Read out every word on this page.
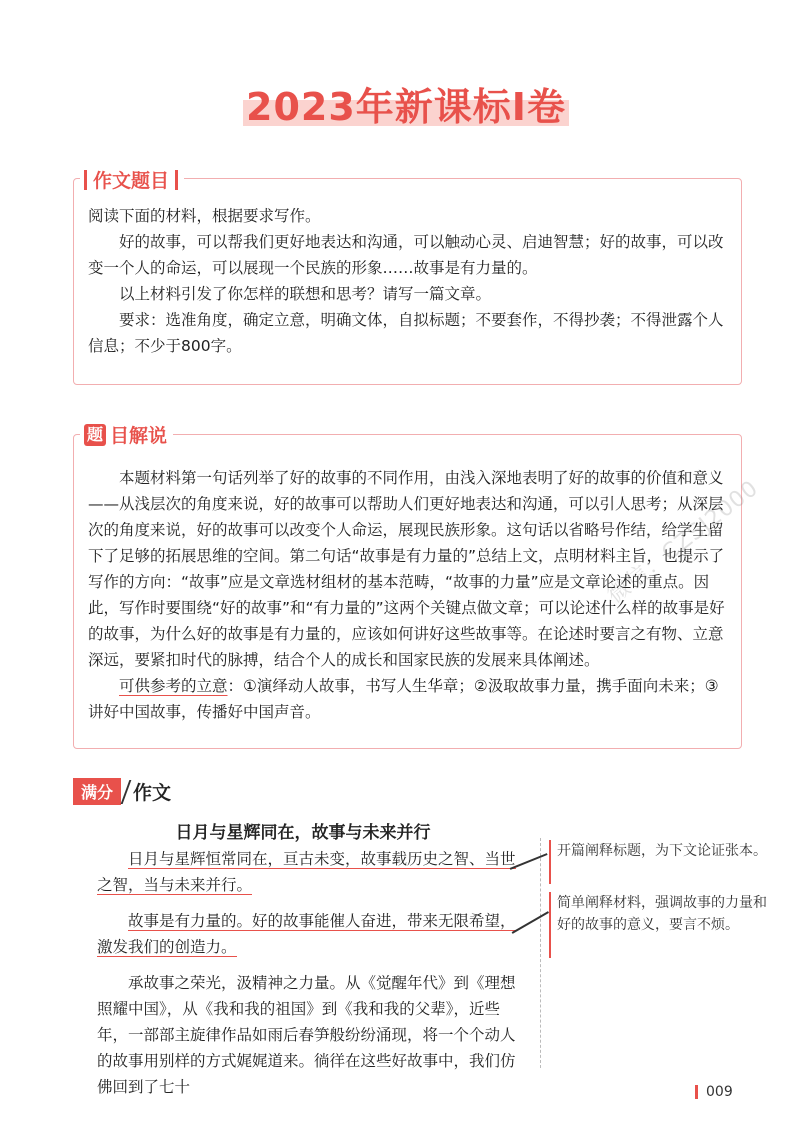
2023年新课标Ⅰ卷
作文题目

阅读下面的材料，根据要求写作。

好的故事，可以帮我们更好地表达和沟通，可以触动心灵、启迪智慧；好的故事，可以改变一个人的命运，可以展现一个民族的形象……故事是有力量的。

以上材料引发了你怎样的联想和思考？请写一篇文章。

要求：选准角度，确定立意，明确文体，自拟标题；不要套作，不得抄袭；不得泄露个人信息；不少于800字。

题 目解说

本题材料第一句话列举了好的故事的不同作用，由浅入深地表明了好的故事的价值和意义——从浅层次的角度来说，好的故事可以帮助人们更好地表达和沟通，可以引人思考；从深层次的角度来说，好的故事可以改变个人命运，展现民族形象。这句话以省略号作结，给学生留下了足够的拓展思维的空间。第二句话“故事是有力量的”总结上文，点明材料主旨，也提示了写作的方向：“故事”应是文章选材组材的基本范畴，“故事的力量”应是文章论述的重点。因此，写作时要围绕“好的故事”和“有力量的”这两个关键点做文章；可以论述什么样的故事是好的故事，为什么好的故事是有力量的，应该如何讲好这些故事等。在论述时要言之有物、立意深远，要紧扣时代的脉搏，结合个人的成长和国家民族的发展来具体阐述。

可供参考的立意：①演绎动人故事，书写人生华章；②汲取故事力量，携手面向未来；③讲好中国故事，传播好中国声音。

满分	作文
日月与星辉同在，故事与未来并行

日月与星辉恒常同在，亘古未变，故事载历史之智、当世之智，当与未来并行。

故事是有力量的。好的故事能催人奋进，带来无限希望，激发我们的创造力。

承故事之荣光，汲精神之力量。从《觉醒年代》到《理想照耀中国》，从《我和我的祖国》到《我和我的父辈》，近些年，一部部主旋律作品如雨后春笋般纷纷涌现，将一个个动人的故事用别样的方式娓娓道来。徜徉在这些好故事中，我们仿佛回到了七十

开篇阐释标题，为下文论证张本。
简单阐释材料，强调故事的力量和好的故事的意义，要言不烦。
微信：CZSJ2000
009
